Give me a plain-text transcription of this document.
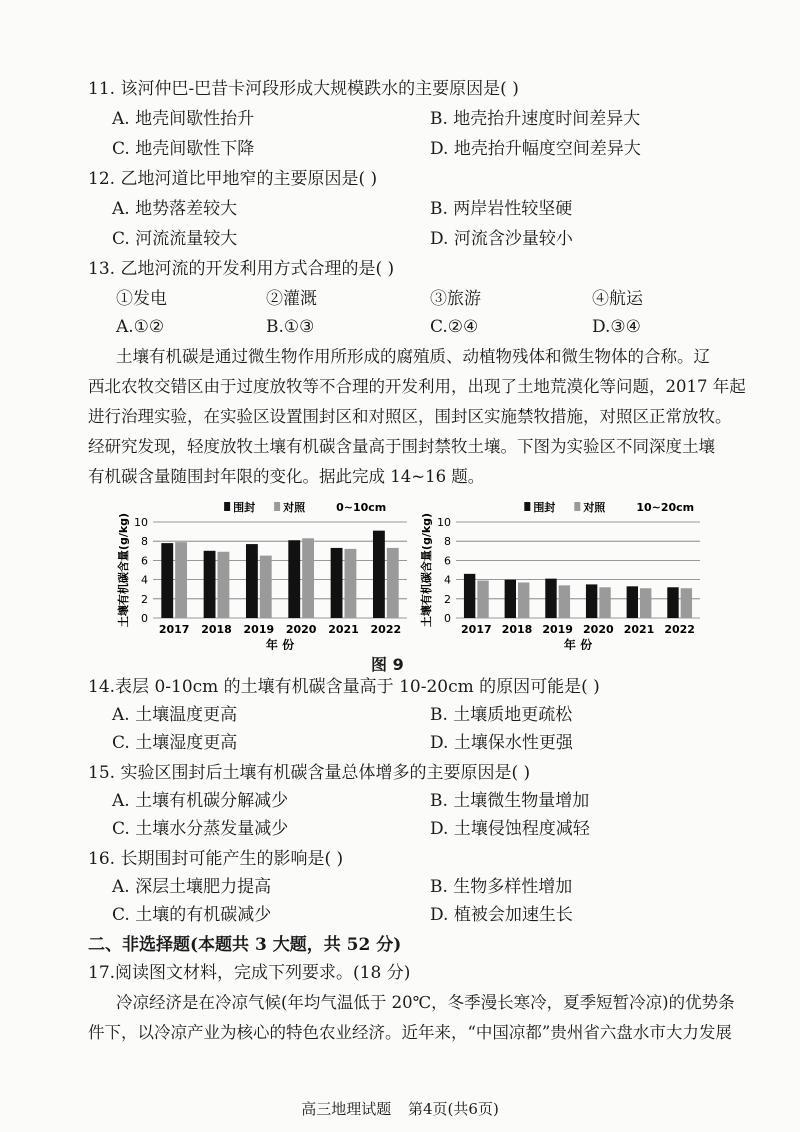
11. 该河仲巴-巴昔卡河段形成大规模跌水的主要原因是( )
A. 地壳间歇性抬升	B. 地壳抬升速度时间差异大
C. 地壳间歇性下降	D. 地壳抬升幅度空间差异大
12. 乙地河道比甲地窄的主要原因是( )
A. 地势落差较大	B. 两岸岩性较坚硬
C. 河流流量较大	D. 河流含沙量较小
13. 乙地河流的开发利用方式合理的是( )
①发电	②灌溉	③旅游	④航运
A.①②	B.①③	C.②④	D.③④
土壤有机碳是通过微生物作用所形成的腐殖质、动植物残体和微生物体的合称。辽
西北农牧交错区由于过度放牧等不合理的开发利用，出现了土地荒漠化等问题，2017 年起
进行治理实验，在实验区设置围封区和对照区，围封区实施禁牧措施，对照区正常放牧。
经研究发现，轻度放牧土壤有机碳含量高于围封禁牧土壤。下图为实验区不同深度土壤
有机碳含量随围封年限的变化。据此完成 14~16 题。
0
2
4
6
8
10
土壤有机碳含量(g/kg)
2017 2018 2019 2020 2021 2022
年 份
围封	对照	0~10cm
0
2
4
6
8
10
土壤有机碳含量(g/kg)
2017 2018 2019 2020 2021 2022
年 份
围封	对照	10~20cm
图 9
14.表层 0-10cm 的土壤有机碳含量高于 10-20cm 的原因可能是( )
A. 土壤温度更高	B. 土壤质地更疏松
C. 土壤湿度更高	D. 土壤保水性更强
15. 实验区围封后土壤有机碳含量总体增多的主要原因是( )
A. 土壤有机碳分解减少	B. 土壤微生物量增加
C. 土壤水分蒸发量减少	D. 土壤侵蚀程度减轻
16. 长期围封可能产生的影响是( )
A. 深层土壤肥力提高	B. 生物多样性增加
C. 土壤的有机碳减少	D. 植被会加速生长
二、非选择题(本题共 3 大题，共 52 分)
17.阅读图文材料，完成下列要求。(18 分)
冷凉经济是在冷凉气候(年均气温低于 20℃，冬季漫长寒冷，夏季短暂冷凉)的优势条
件下，以冷凉产业为核心的特色农业经济。近年来，“中国凉都”贵州省六盘水市大力发展
高三地理试题 第4页(共6页)
